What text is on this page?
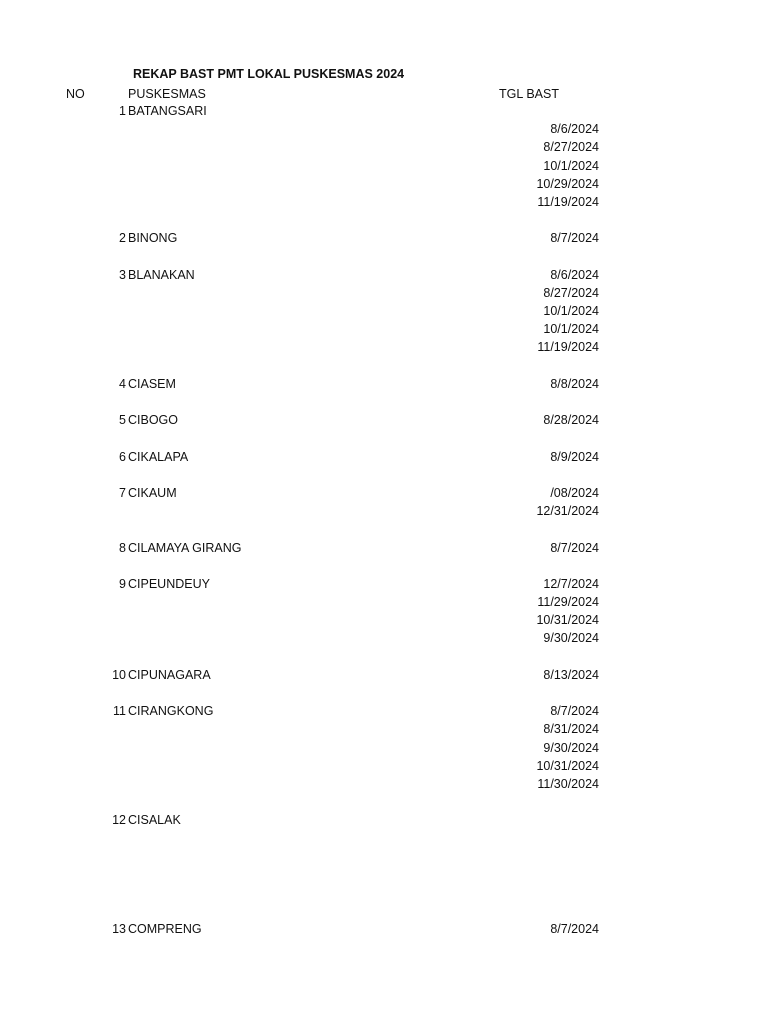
REKAP BAST PMT LOKAL PUSKESMAS 2024
NO	PUSKESMAS	TGL BAST
1 BATANGSARI
8/6/2024
8/27/2024
10/1/2024
10/29/2024
11/19/2024
2 BINONG	8/7/2024
3 BLANAKAN	8/6/2024
8/27/2024
10/1/2024
10/1/2024
11/19/2024
4 CIASEM	8/8/2024
5 CIBOGO	8/28/2024
6 CIKALAPA	8/9/2024
7 CIKAUM	/08/2024
12/31/2024
8 CILAMAYA GIRANG	8/7/2024
9 CIPEUNDEUY	12/7/2024
11/29/2024
10/31/2024
9/30/2024
10 CIPUNAGARA	8/13/2024
11 CIRANGKONG	8/7/2024
8/31/2024
9/30/2024
10/31/2024
11/30/2024
12 CISALAK
13 COMPRENG	8/7/2024
